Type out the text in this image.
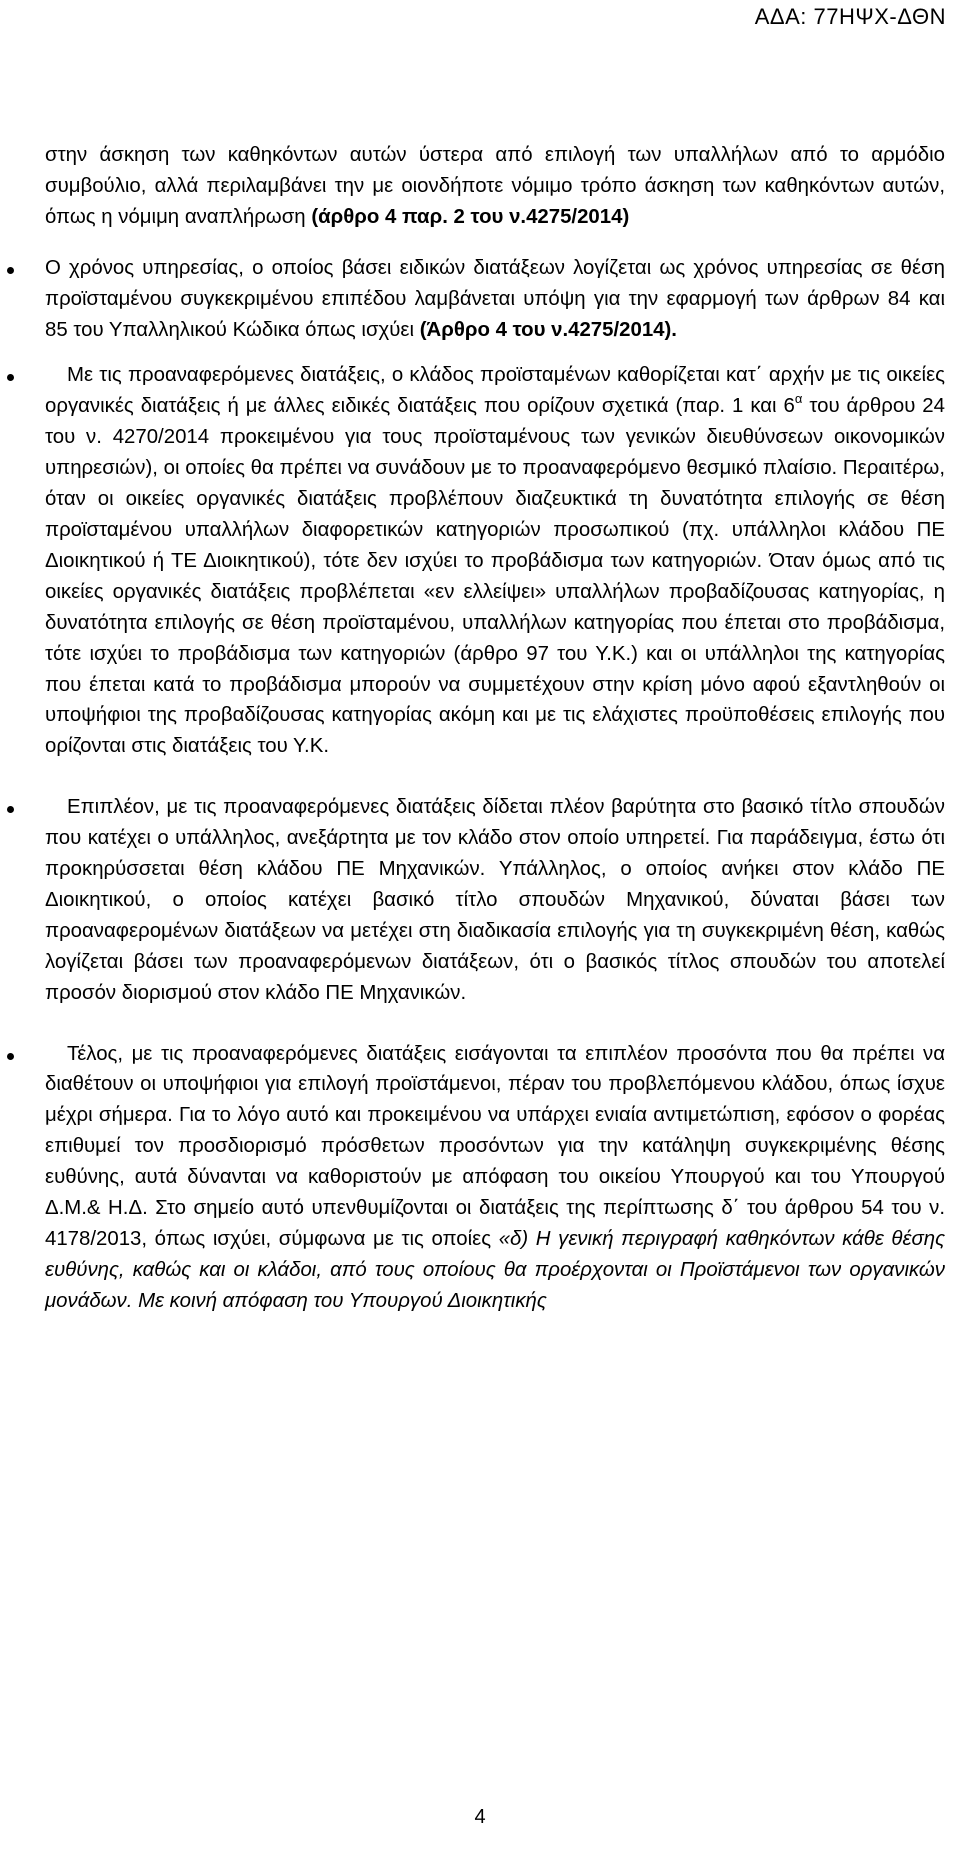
ΑΔΑ: 77ΗΨΧ-ΔΘΝ

στην άσκηση των καθηκόντων αυτών ύστερα από επιλογή των υπαλλήλων από το αρμόδιο συμβούλιο, αλλά περιλαμβάνει την με οιονδήποτε νόμιμο τρόπο άσκηση των καθηκόντων αυτών, όπως η νόμιμη αναπλήρωση (άρθρο 4 παρ. 2 του ν.4275/2014)

Ο χρόνος υπηρεσίας, ο οποίος βάσει ειδικών διατάξεων λογίζεται ως χρόνος υπηρεσίας σε θέση προϊσταμένου συγκεκριμένου επιπέδου λαμβάνεται υπόψη για την εφαρμογή των άρθρων 84 και 85 του Υπαλληλικού Κώδικα όπως ισχύει (Άρθρο 4 του ν.4275/2014).

Με τις προαναφερόμενες διατάξεις, ο κλάδος προϊσταμένων καθορίζεται κατ΄ αρχήν με τις οικείες οργανικές διατάξεις ή με άλλες ειδικές διατάξεις που ορίζουν σχετικά (παρ. 1 και $6^\alpha$ του άρθρου 24 του ν. 4270/2014 προκειμένου για τους προϊσταμένους των γενικών διευθύνσεων οικονομικών υπηρεσιών), οι οποίες θα πρέπει να συνάδουν με το προαναφερόμενο θεσμικό πλαίσιο. Περαιτέρω, όταν οι οικείες οργανικές διατάξεις προβλέπουν διαζευκτικά τη δυνατότητα επιλογής σε θέση προϊσταμένου υπαλλήλων διαφορετικών κατηγοριών προσωπικού (πχ. υπάλληλοι κλάδου ΠΕ Διοικητικού ή ΤΕ Διοικητικού), τότε δεν ισχύει το προβάδισμα των κατηγοριών. Όταν όμως από τις οικείες οργανικές διατάξεις προβλέπεται «εν ελλείψει» υπαλλήλων προβαδίζουσας κατηγορίας, η δυνατότητα επιλογής σε θέση προϊσταμένου, υπαλλήλων κατηγορίας που έπεται στο προβάδισμα, τότε ισχύει το προβάδισμα των κατηγοριών (άρθρο 97 του Υ.Κ.) και οι υπάλληλοι της κατηγορίας που έπεται κατά το προβάδισμα μπορούν να συμμετέχουν στην κρίση μόνο αφού εξαντληθούν οι υποψήφιοι της προβαδίζουσας κατηγορίας ακόμη και με τις ελάχιστες προϋποθέσεις επιλογής που ορίζονται στις διατάξεις του Υ.Κ.

Επιπλέον, με τις προαναφερόμενες διατάξεις δίδεται πλέον βαρύτητα στο βασικό τίτλο σπουδών που κατέχει ο υπάλληλος, ανεξάρτητα με τον κλάδο στον οποίο υπηρετεί. Για παράδειγμα, έστω ότι προκηρύσσεται θέση κλάδου ΠΕ Μηχανικών. Υπάλληλος, ο οποίος ανήκει στον κλάδο ΠΕ Διοικητικού, ο οποίος κατέχει βασικό τίτλο σπουδών Μηχανικού, δύναται βάσει των προαναφερομένων διατάξεων να μετέχει στη διαδικασία επιλογής για τη συγκεκριμένη θέση, καθώς λογίζεται βάσει των προαναφερόμενων διατάξεων, ότι ο βασικός τίτλος σπουδών του αποτελεί προσόν διορισμού στον κλάδο ΠΕ Μηχανικών.

Τέλος, με τις προαναφερόμενες διατάξεις εισάγονται τα επιπλέον προσόντα που θα πρέπει να διαθέτουν οι υποψήφιοι για επιλογή προϊστάμενοι, πέραν του προβλεπόμενου κλάδου, όπως ίσχυε μέχρι σήμερα. Για το λόγο αυτό και προκειμένου να υπάρχει ενιαία αντιμετώπιση, εφόσον ο φορέας επιθυμεί τον προσδιορισμό πρόσθετων προσόντων για την κατάληψη συγκεκριμένης θέσης ευθύνης, αυτά δύνανται να καθοριστούν με απόφαση του οικείου Υπουργού και του Υπουργού Δ.Μ.& Η.Δ. Στο σημείο αυτό υπενθυμίζονται οι διατάξεις της περίπτωσης δ΄ του άρθρου 54 του ν. 4178/2013, όπως ισχύει, σύμφωνα με τις οποίες «δ) Η γενική περιγραφή καθηκόντων κάθε θέσης ευθύνης, καθώς και οι κλάδοι, από τους οποίους θα προέρχονται οι Προϊστάμενοι των οργανικών μονάδων. Με κοινή απόφαση του Υπουργού Διοικητικής

4
